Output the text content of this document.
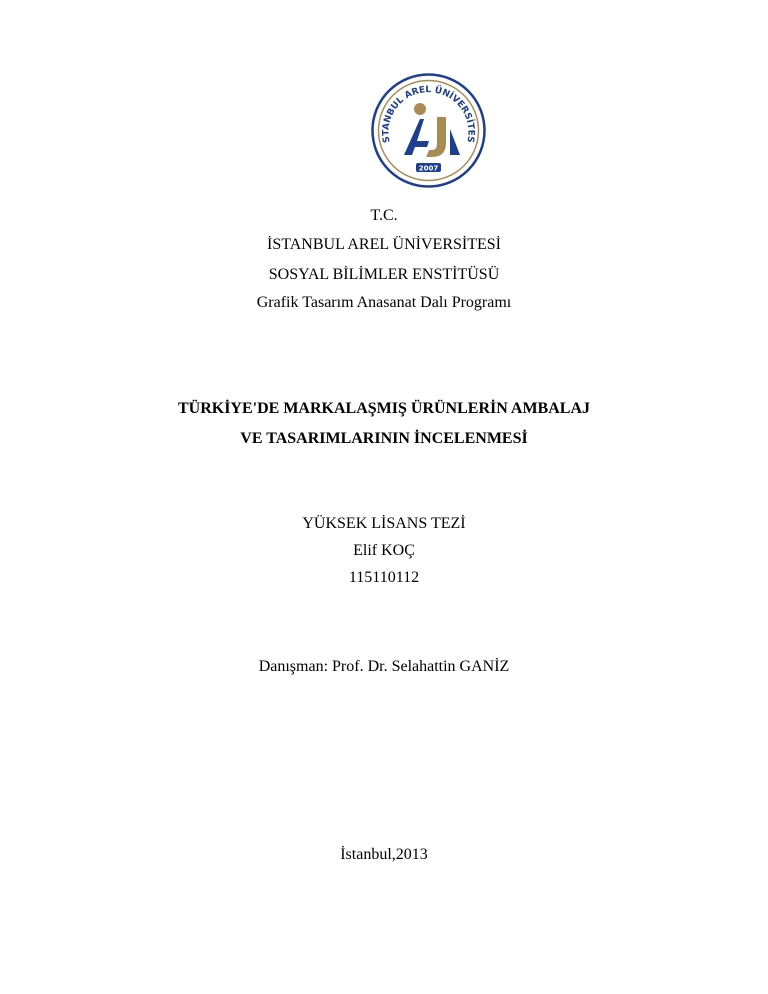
STANBUL AREL ÜNİVERSİTES
2007
T.C.
İSTANBUL AREL ÜNİVERSİTESİ
SOSYAL BİLİMLER ENSTİTÜSÜ
Grafik Tasarım Anasanat Dalı Programı
TÜRKİYE'DE MARKALAŞMIŞ ÜRÜNLERİN AMBALAJ
VE TASARIMLARININ İNCELENMESİ
YÜKSEK LİSANS TEZİ
Elif KOÇ
115110112
Danışman: Prof. Dr. Selahattin GANİZ
İstanbul,2013
